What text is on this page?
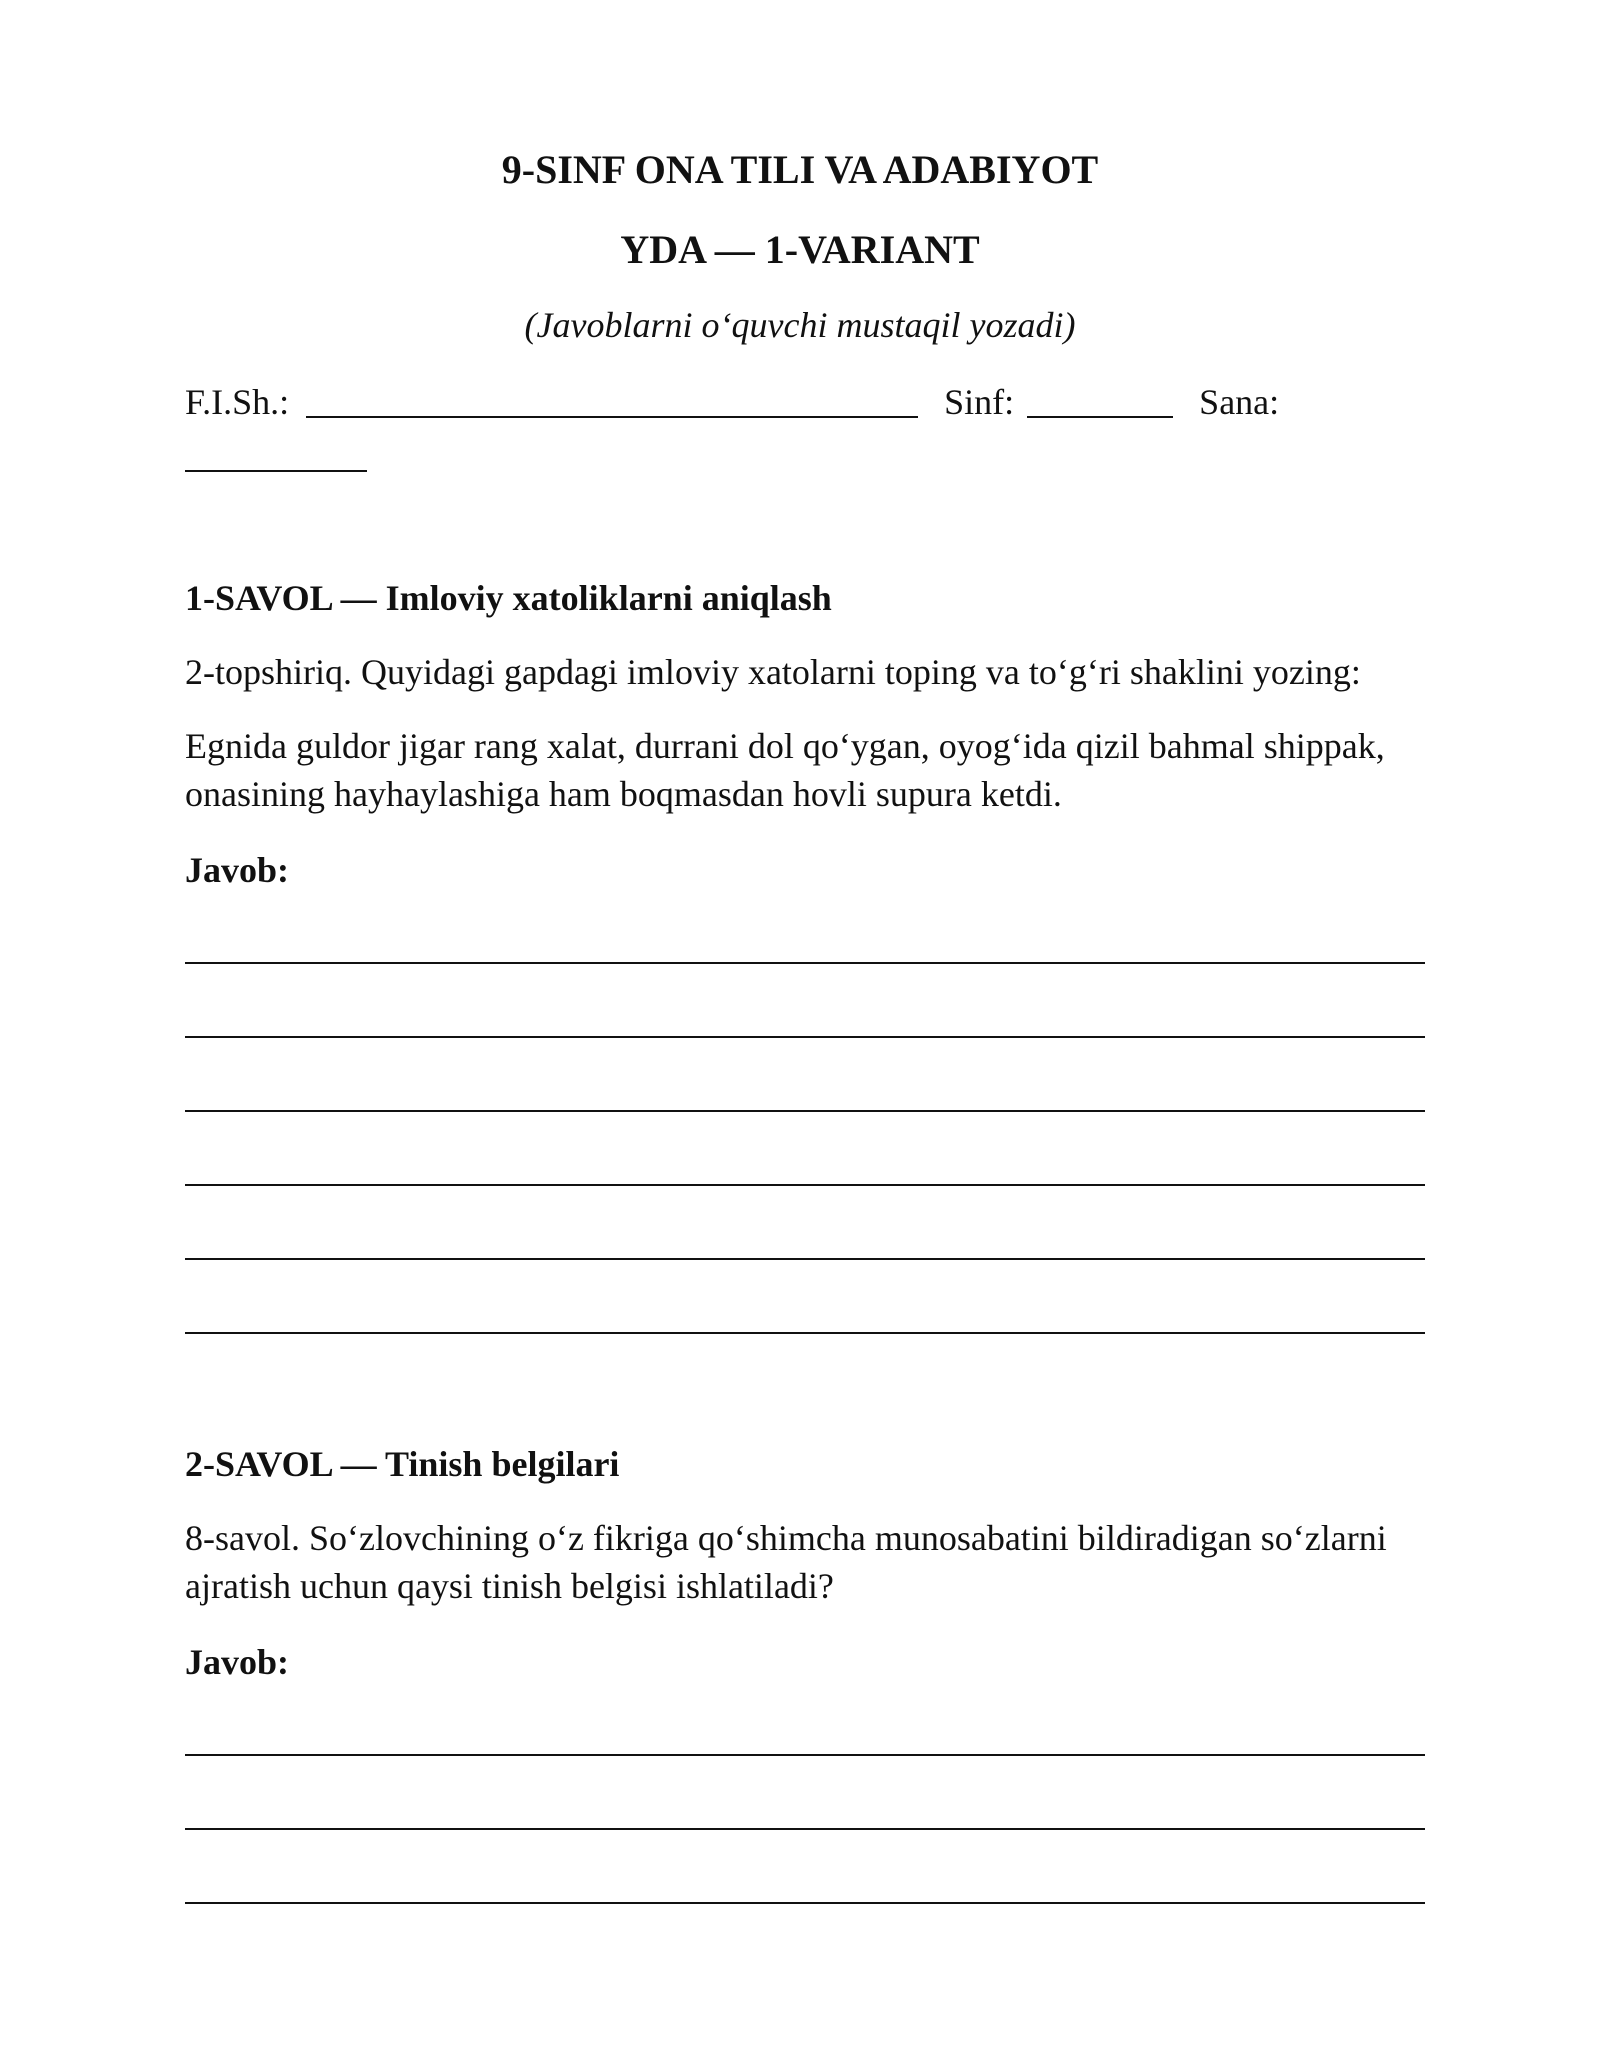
9-SINF ONA TILI VA ADABIYOT
YDA — 1-VARIANT

(Javoblarni o‘quvchi mustaqil yozadi)

F.I.Sh.:	Sinf:	Sana:

1-SAVOL — Imloviy xatoliklarni aniqlash

2-topshiriq. Quyidagi gapdagi imloviy xatolarni toping va to‘g‘ri shaklini yozing:

Egnida guldor jigar rang xalat, durrani dol qo‘ygan, oyog‘ida qizil bahmal shippak, onasining hayhaylashiga ham boqmasdan hovli supura ketdi.

Javob:

2-SAVOL — Tinish belgilari

8-savol. So‘zlovchining o‘z fikriga qo‘shimcha munosabatini bildiradigan so‘zlarni ajratish uchun qaysi tinish belgisi ishlatiladi?

Javob:
